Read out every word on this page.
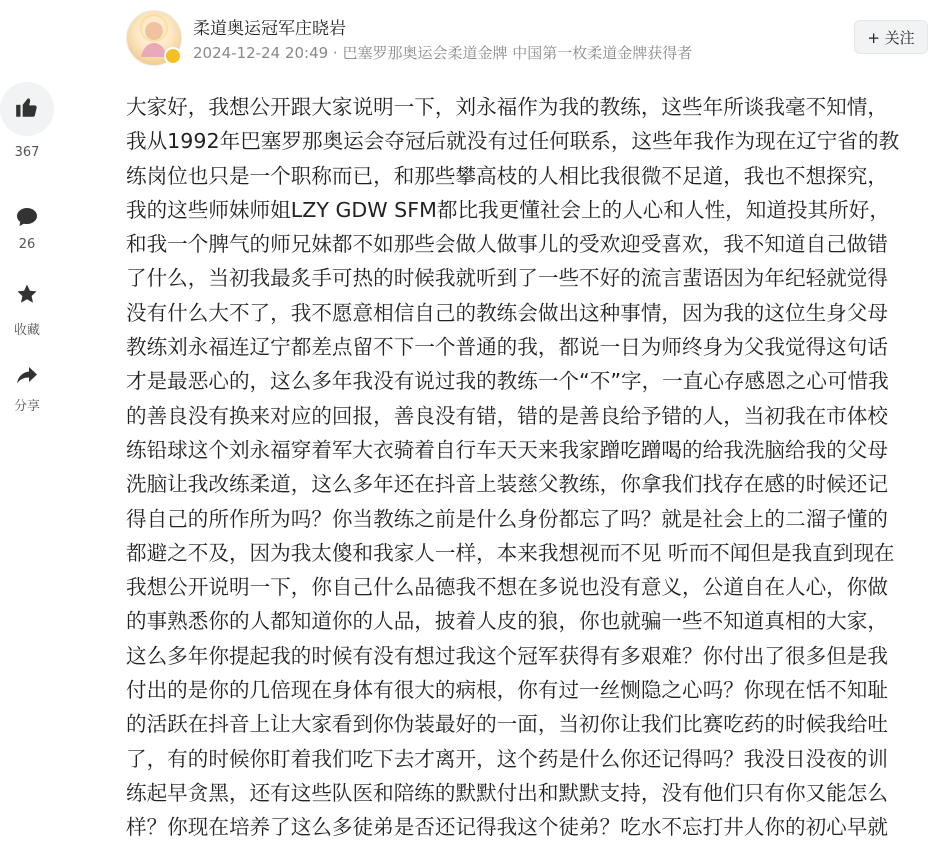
367
26
收藏
分享
柔道奥运冠军庄晓岩
2024-12-24 20:49 · 巴塞罗那奥运会柔道金牌 中国第一枚柔道金牌获得者
+ 关注
大家好，我想公开跟大家说明一下，刘永福作为我的教练，这些年所谈我毫不知情，
我从1992年巴塞罗那奥运会夺冠后就没有过任何联系，这些年我作为现在辽宁省的教
练岗位也只是一个职称而已，和那些攀高枝的人相比我很微不足道，我也不想探究，
我的这些师妹师姐LZY GDW SFM都比我更懂社会上的人心和人性，知道投其所好，
和我一个脾气的师兄妹都不如那些会做人做事儿的受欢迎受喜欢，我不知道自己做错
了什么，当初我最炙手可热的时候我就听到了一些不好的流言蜚语因为年纪轻就觉得
没有什么大不了，我不愿意相信自己的教练会做出这种事情，因为我的这位生身父母
教练刘永福连辽宁都差点留不下一个普通的我，都说一日为师终身为父我觉得这句话
才是最恶心的，这么多年我没有说过我的教练一个“不”字，一直心存感恩之心可惜我
的善良没有换来对应的回报，善良没有错，错的是善良给予错的人，当初我在市体校
练铅球这个刘永福穿着军大衣骑着自行车天天来我家蹭吃蹭喝的给我洗脑给我的父母
洗脑让我改练柔道，这么多年还在抖音上装慈父教练，你拿我们找存在感的时候还记
得自己的所作所为吗？你当教练之前是什么身份都忘了吗？就是社会上的二溜子懂的
都避之不及，因为我太傻和我家人一样，本来我想视而不见 听而不闻但是我直到现在
我想公开说明一下，你自己什么品德我不想在多说也没有意义，公道自在人心，你做
的事熟悉你的人都知道你的人品，披着人皮的狼，你也就骗一些不知道真相的大家，
这么多年你提起我的时候有没有想过我这个冠军获得有多艰难？你付出了很多但是我
付出的是你的几倍现在身体有很大的病根，你有过一丝恻隐之心吗？你现在恬不知耻
的活跃在抖音上让大家看到你伪装最好的一面，当初你让我们比赛吃药的时候我给吐
了，有的时候你盯着我们吃下去才离开，这个药是什么你还记得吗？我没日没夜的训
练起早贪黑，还有这些队医和陪练的默默付出和默默支持，没有他们只有你又能怎么
样？你现在培养了这么多徒弟是否还记得我这个徒弟？吃水不忘打井人你的初心早就
